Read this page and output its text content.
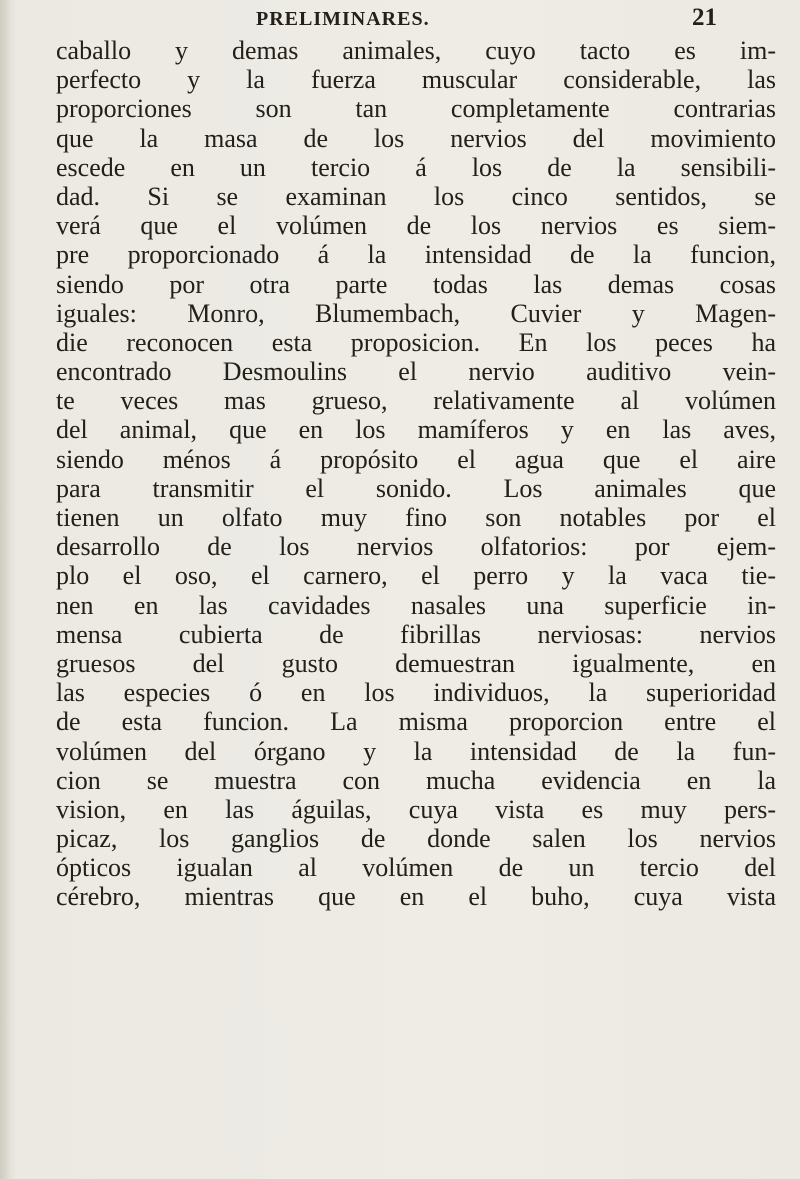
PRELIMINARES.	21
caballo y demas animales, cuyo tacto es im-
perfecto y la fuerza muscular considerable, las
proporciones son tan completamente contrarias
que la masa de los nervios del movimiento
escede en un tercio á los de la sensibili-
dad. Si se examinan los cinco sentidos, se
verá que el volúmen de los nervios es siem-
pre proporcionado á la intensidad de la funcion,
siendo por otra parte todas las demas cosas
iguales: Monro, Blumembach, Cuvier y Magen-
die reconocen esta proposicion. En los peces ha
encontrado Desmoulins el nervio auditivo vein-
te veces mas grueso, relativamente al volúmen
del animal, que en los mamíferos y en las aves,
siendo ménos á propósito el agua que el aire
para transmitir el sonido. Los animales que
tienen un olfato muy fino son notables por el
desarrollo de los nervios olfatorios: por ejem-
plo el oso, el carnero, el perro y la vaca tie-
nen en las cavidades nasales una superficie in-
mensa cubierta de fibrillas nerviosas: nervios
gruesos del gusto demuestran igualmente, en
las especies ó en los individuos, la superioridad
de esta funcion. La misma proporcion entre el
volúmen del órgano y la intensidad de la fun-
cion se muestra con mucha evidencia en la
vision, en las águilas, cuya vista es muy pers-
picaz, los ganglios de donde salen los nervios
ópticos igualan al volúmen de un tercio del
cérebro, mientras que en el buho, cuya vista
